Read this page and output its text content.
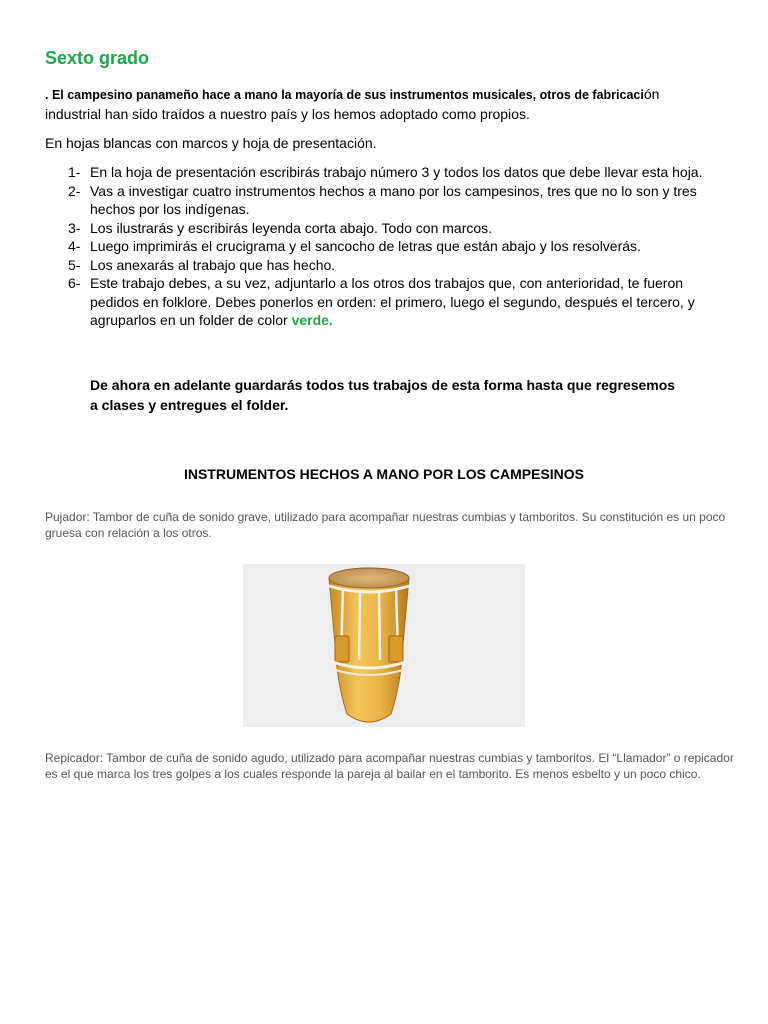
Sexto grado
. El campesino panameño hace a mano la mayoría de sus instrumentos musicales, otros de fabricación
industrial han sido traídos a nuestro país y los hemos adoptado como propios.
En hojas blancas con marcos y hoja de presentación.
1- En la hoja de presentación escribirás trabajo número 3 y todos los datos que debe llevar esta hoja.
2- Vas a investigar cuatro instrumentos hechos a mano por los campesinos, tres que no lo son y tres hechos por los indígenas.
3- Los ilustrarás y escribirás leyenda corta abajo. Todo con marcos.
4- Luego imprimirás el crucigrama y el sancocho de letras que están abajo y los resolverás.
5- Los anexarás al trabajo que has hecho.
6- Este trabajo debes, a su vez, adjuntarlo a los otros dos trabajos que, con anterioridad, te fueron pedidos en folklore. Debes ponerlos en orden: el primero, luego el segundo, después el tercero, y agruparlos en un folder de color verde.
De ahora en adelante guardarás todos tus trabajos de esta forma hasta que regresemos a clases y entregues el folder.
INSTRUMENTOS HECHOS A MANO POR LOS CAMPESINOS
Pujador: Tambor de cuña de sonido grave, utilizado para acompañar nuestras cumbias y tamboritos. Su constitución es un poco gruesa con relación a los otros.
Repicador: Tambor de cuña de sonido agudo, utilizado para acompañar nuestras cumbias y tamboritos. El “Llamador” o repicador es el que marca los tres golpes a los cuales responde la pareja al bailar en el tamborito. Es menos esbelto y un poco chico.
